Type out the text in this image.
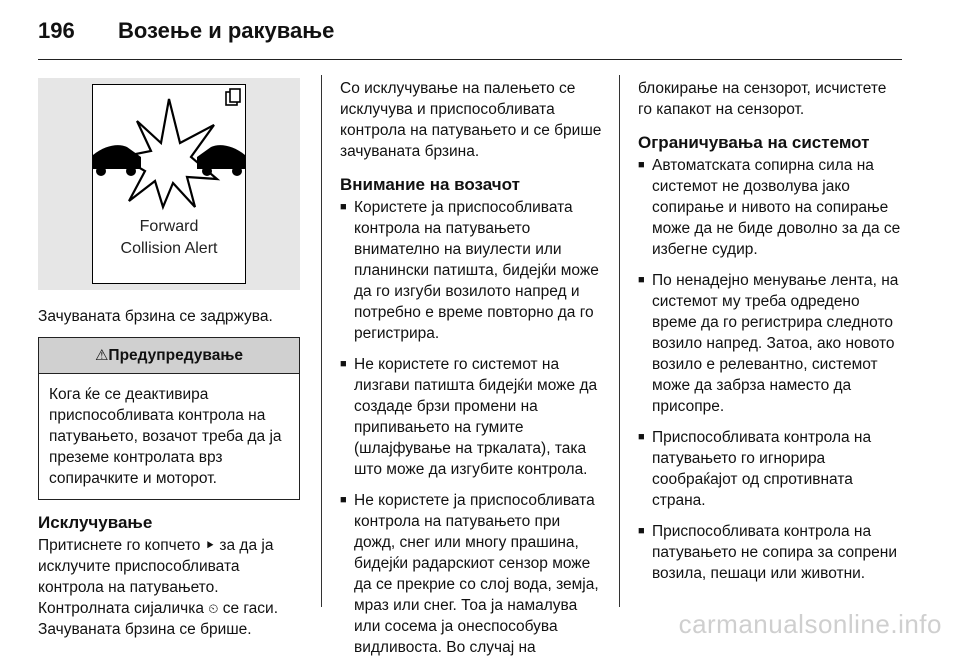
196 Возење и ракување
Forward
Collision Alert

Зачуваната брзина се задржува.

⚠Предупредување
Кога ќе се деактивира приспособливата контрола на патувањето, возачот треба да ја преземе контролата врз сопирачките и моторот.
Исклучување

Притиснете го копчето ⯈ за да ја исклучите приспособливата контрола на патувањето.

Контролната сијаличка ⏲ се гаси.

Зачуваната брзина се брише.

Со исклучувањe на палењето се исклучува и приспособливата контрола на патувањето и се брише зачуваната брзина.

Внимание на возачот
■ Користете ја приспособливата контрола на патувањето внимателно на виулести или планински патишта, бидејќи може да го изгуби возилото напред и потребно е време повторно да го регистрира.
■ Не користете го системот на лизгави патишта бидејќи може да создаде брзи промени на припивањето на гумите (шлајфување на тркалата), така што може да изгубите контрола.
■ Не користете ја приспособливата контрола на патувањето при дожд, снег или многу прашина, бидејќи радарскиот сензор може да се прекрие со слој вода, земја, мраз или снег. Тоа ја намалува или сосема ја онеспособува видливоста. Во случај на

блокирање на сензорот, исчистете го капакот на сензорот.

Ограничувања на системот
■ Автоматската сопирна сила на системот не дозволува јако сопирање и нивото на сопирање може да не биде доволно за да се избегне судир.
■ По ненадејно менување лента, на системот му треба одредено време да го регистрира следното возило напред. Затоа, ако новото возило е релевантно, системот може да забрза наместо да присопре.
■ Приспособливата контрола на патувањето го игнорира сообраќајот од спротивната страна.
■ Приспособливата контрола на патувањето не сопира за сопрени возила, пешаци или животни.
carmanualsonline.info
